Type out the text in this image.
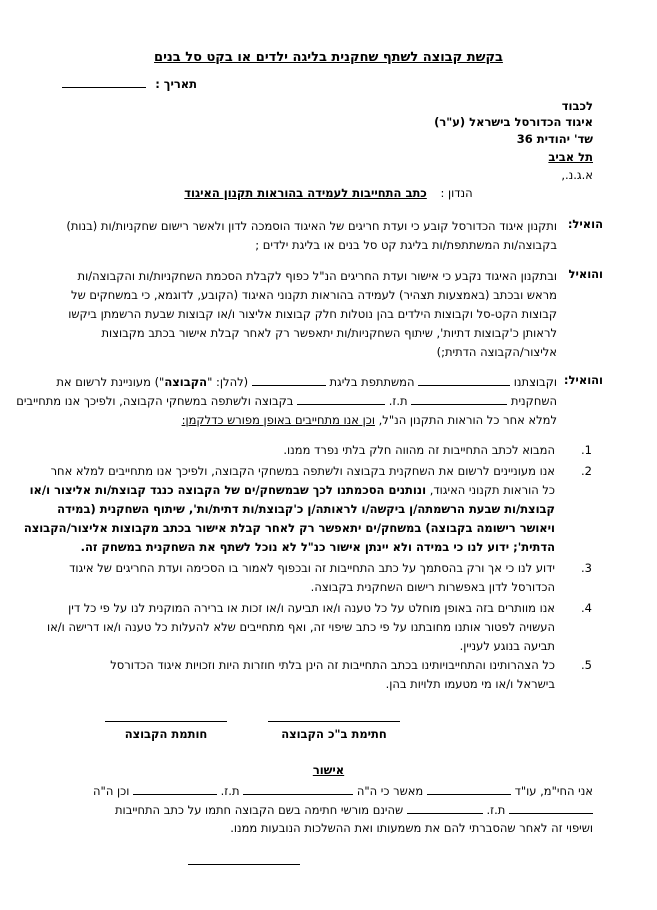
בקשת קבוצה לשתף שחקנית בליגה ילדים או בקט סל בנים
תאריך :
לכבוד
איגוד הכדורסל בישראל (ע"ר)
שד' יהודית 36
תל אביב
א.ג.נ.,
הנדון : כתב התחייבות לעמידה בהוראות תקנון האיגוד
הואיל:
ותקנון איגוד הכדורסל קובע כי ועדת חריגים של האיגוד הוסמכה לדון ולאשר רישום שחקניות/ות (בנות)
בקבוצה/ות המשתתפת/ות בליגת קט סל בנים או בליגת ילדים ;
והואיל
ובתקנון האיגוד נקבע כי אישור ועדת החריגים הנ"ל כפוף לקבלת הסכמת השחקניות/ות והקבוצה/ות
מראש ובכתב (באמצעות תצהיר) לעמידה בהוראות תקנוני האיגוד (הקובע, לדוגמא, כי במשחקים של
קבוצות הקט-סל וקבוצות הילדים בהן נוטלות חלק קבוצות אליצור ו/או קבוצות שבעת הרשמתן ביקשו
לראותן כ'קבוצות דתיות', שיתוף השחקניות/ות יתאפשר רק לאחר קבלת אישור בכתב מקבוצות
אליצור/הקבוצה הדתית;)
והואיל:
וקבוצתנו  המשתתפת בליגת  (להלן: "הקבוצה") מעוניינת לרשום את
השחקנית  ת.ז.  בקבוצה ולשתפה במשחקי הקבוצה, ולפיכך אנו מתחייבים
למלא אחר כל הוראות התקנון הנ"ל, וכן אנו מתחייבים באופן מפורש כדלקמן:
1.
המבוא לכתב התחייבות זה מהווה חלק בלתי נפרד ממנו.
2.
אנו מעוניינים לרשום את השחקנית בקבוצה ולשתפה במשחקי הקבוצה, ולפיכך אנו מתחייבים למלא אחר
כל הוראות תקנוני האיגוד, ונותנים הסכמתנו לכך שבמשחק/ים של הקבוצה כנגד קבוצת/ות אליצור ו/או
קבוצת/ות שבעת הרשמתה/ן ביקשה/ו לראותה/ן כ'קבוצת/ות דתית/ות', שיתוף השחקנית (במידה
ויאושר רישומה בקבוצה) במשחק/ים יתאפשר רק לאחר קבלת אישור בכתב מקבוצות אליצור/הקבוצה
הדתית'; ידוע לנו כי במידה ולא יינתן אישור כנ"ל לא נוכל לשתף את השחקנית במשחק זה.
3.
ידוע לנו כי אך ורק בהסתמך על כתב התחייבות זה ובכפוף לאמור בו הסכימה ועדת החריגים של איגוד
הכדורסל לדון באפשרות רישום השחקנית בקבוצה.
4.
אנו מוותרים בזה באופן מוחלט על כל טענה ו/או תביעה ו/או זכות או ברירה המוקנית לנו על פי כל דין
העשויה לפטור אותנו מחובתנו על פי כתב שיפוי זה, ואף מתחייבים שלא להעלות כל טענה ו/או דרישה ו/או
תביעה בנוגע לעניין.
5.
כל הצהרותינו והתחייבויותינו בכתב התחייבות זה הינן בלתי חוזרות היות וזכויות איגוד הכדורסל
בישראל ו/או מי מטעמו תלויות בהן.
חתימת ב"כ הקבוצה
חותמת הקבוצה
אישור
אני החי"מ, עו"ד  מאשר כי ה"ה  ת.ז.  וכן ה"ה
ת.ז.  שהינם מורשי חתימה בשם הקבוצה חתמו על כתב התחייבות
ושיפוי זה לאחר שהסברתי להם את משמעותו ואת ההשלכות הנובעות ממנו.
